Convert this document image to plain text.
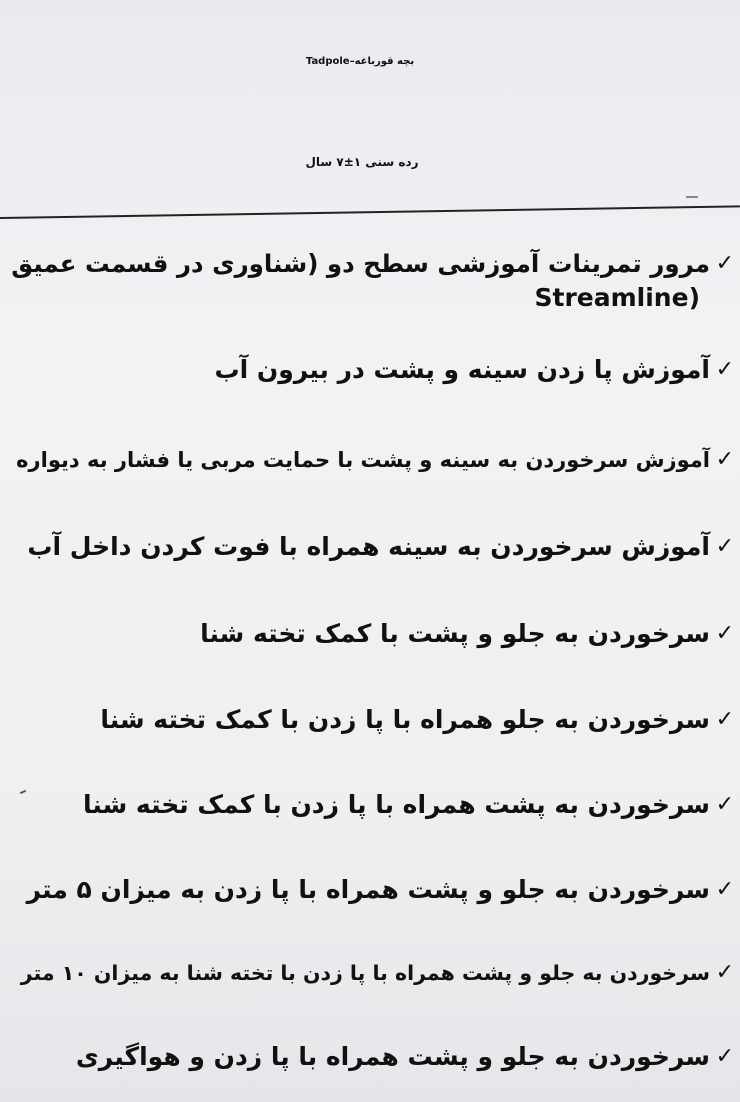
بچه قورباغه–Tadpole
رده سنی ۱±۷ سال
✓مرور تمرینات آموزشی سطح دو (شناوری در قسمت عمیق
(Streamline
✓آموزش پا زدن سینه و پشت در بیرون آب
✓آموزش سرخوردن به سینه و پشت با حمایت مربی یا فشار به دیواره
✓آموزش سرخوردن به سینه همراه با فوت کردن داخل آب
✓سرخوردن به جلو و پشت با کمک تخته شنا
✓سرخوردن به جلو همراه با پا زدن با کمک تخته شنا
✓سرخوردن به پشت همراه با پا زدن با کمک تخته شنا
✓سرخوردن به جلو و پشت همراه با پا زدن به میزان ۵ متر
✓سرخوردن به جلو و پشت همراه با پا زدن با تخته شنا به میزان ۱۰ متر
✓سرخوردن به جلو و پشت همراه با پا زدن و هواگیری
